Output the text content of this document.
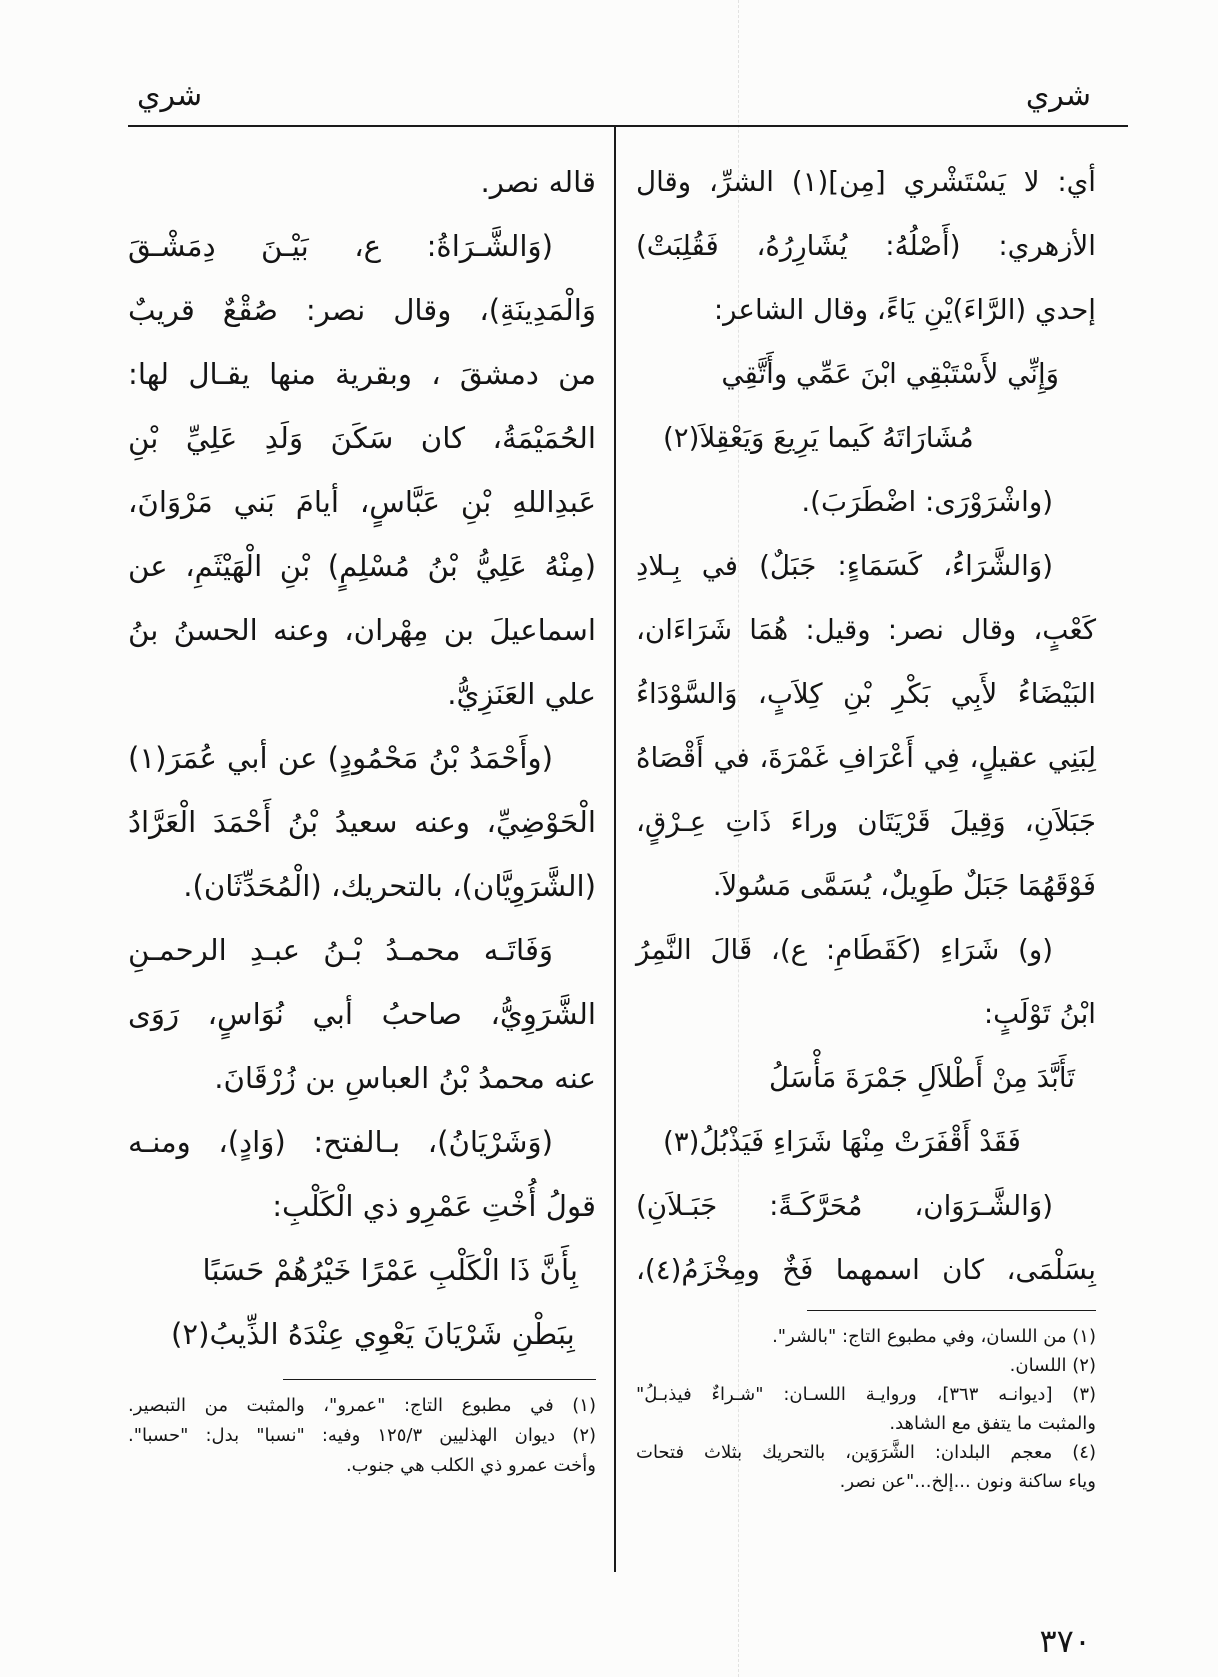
شري
شري
أي: لا يَسْتَشْري [مِن](١) الشرِّ، وقال
الأزهري: (أَصْلُهُ: يُشَارِرُهُ، فَقُلِبَتْ)
إحدي (الرَّاءَ)يْنِ يَاءً، وقال الشاعر:
وَإِنِّي لأَسْتَبْقِي ابْنَ عَمِّي وأَتَّقِي
مُشَارَاتَهُ كَيما يَرِيعَ وَيَعْقِلاَ(٢)
(واشْرَوْرَى: اضْطَرَبَ).
(وَالشَّرَاءُ، كَسَمَاءٍ: جَبَلٌ) في بِـلادِ
كَعْبٍ، وقال نصر: وقيل: هُمَا شَرَاءَان،
البَيْضَاءُ لأَبِي بَكْرِ بْنِ كِلاَبٍ، وَالسَّوْدَاءُ
لِبَنِي عقيلٍ، فِي أَعْرَافِ غَمْرَةَ، في أَقْصَاهُ
جَبَلاَنِ، وَقِيلَ قَرْيَتَان وراءَ ذَاتِ عِـرْقٍ،
فَوْقَهُمَا جَبَلٌ طَوِيلٌ، يُسَمَّى مَسُولاَ.
(و) شَرَاءِ (كَقَطَامِ: ع)، قَالَ النَّمِرُ
ابْنُ تَوْلَبٍ:
تَأَبَّدَ مِنْ أَطْلاَلِ جَمْرَةَ مَأْسَلُ
فَقَدْ أَقْفَرَتْ مِنْهَا شَرَاءِ فَيَذْبُلُ(٣)
(وَالشَّـرَوَان، مُحَرَّكَـةً: جَبَـلاَنِ)
بِسَلْمَى، كان اسمهما فَخٌ ومِخْزَمُ(٤)،
قاله نصر.
(وَالشَّـرَاةُ: ع، بَيْـنَ دِمَشْـقَ
وَالْمَدِينَةِ)، وقال نصر: صُقْعٌ قريبٌ
من دمشقَ ، وبقرية منها يقـال لها:
الحُمَيْمَةُ، كان سَكَنَ وَلَدِ عَلِيِّ بْنِ
عَبدِاللهِ بْنِ عَبَّاسٍ، أيامَ بَني مَرْوَانَ،
(مِنْهُ عَلِيُّ بْنُ مُسْلِمٍ) بْنِ الْهَيْثَمِ، عن
اسماعيلَ بن مِهْران، وعنه الحسنُ بنُ
علي العَنَزِيُّ.
(وأَحْمَدُ بْنُ مَحْمُودٍ) عن أبي عُمَرَ(١)
الْحَوْضِيِّ، وعنه سعيدُ بْنُ أَحْمَدَ الْعَرَّادُ
(الشَّرَوِيَّان)، بالتحريك، (الْمُحَدِّثَان).
وَفَاتَـه محمـدُ بْـنُ عبـدِ الرحمـنِ
الشَّرَوِيُّ، صاحبُ أبي نُوَاسٍ، رَوَى
عنه محمدُ بْنُ العباسِ بن زُرْقَانَ.
(وَشَرْيَانُ)، بـالفتح: (وَادٍ)، ومنـه
قولُ أُخْتِ عَمْرِو ذي الْكَلْبِ:
بِأَنَّ ذَا الْكَلْبِ عَمْرًا خَيْرُهُمْ حَسَبًا
بِبَطْنِ شَرْيَانَ يَعْوِي عِنْدَهُ الذِّيبُ(٢)	(١) من اللسان، وفي مطبوع التاج: "بالشر".
(٢) اللسان.
(٣) [ديوانـه ٣٦٣]، وروايـة اللسـان: "شـراءٌ فيذبـلُ"
والمثبت ما يتفق مع الشاهد.
(٤) معجم البلدان: الشَّرَوَين، بالتحريك بثلاث فتحات
وياء ساكنة ونون ...إلخ..."عن نصر.
(١) في مطبوع التاج: "عمرو"، والمثبت من التبصير.
(٢) ديوان الهذليين ١٢٥/٣ وفيه: "نسبا" بدل: "حسبا".
وأخت عمرو ذي الكلب هي جنوب.
٣٧٠
